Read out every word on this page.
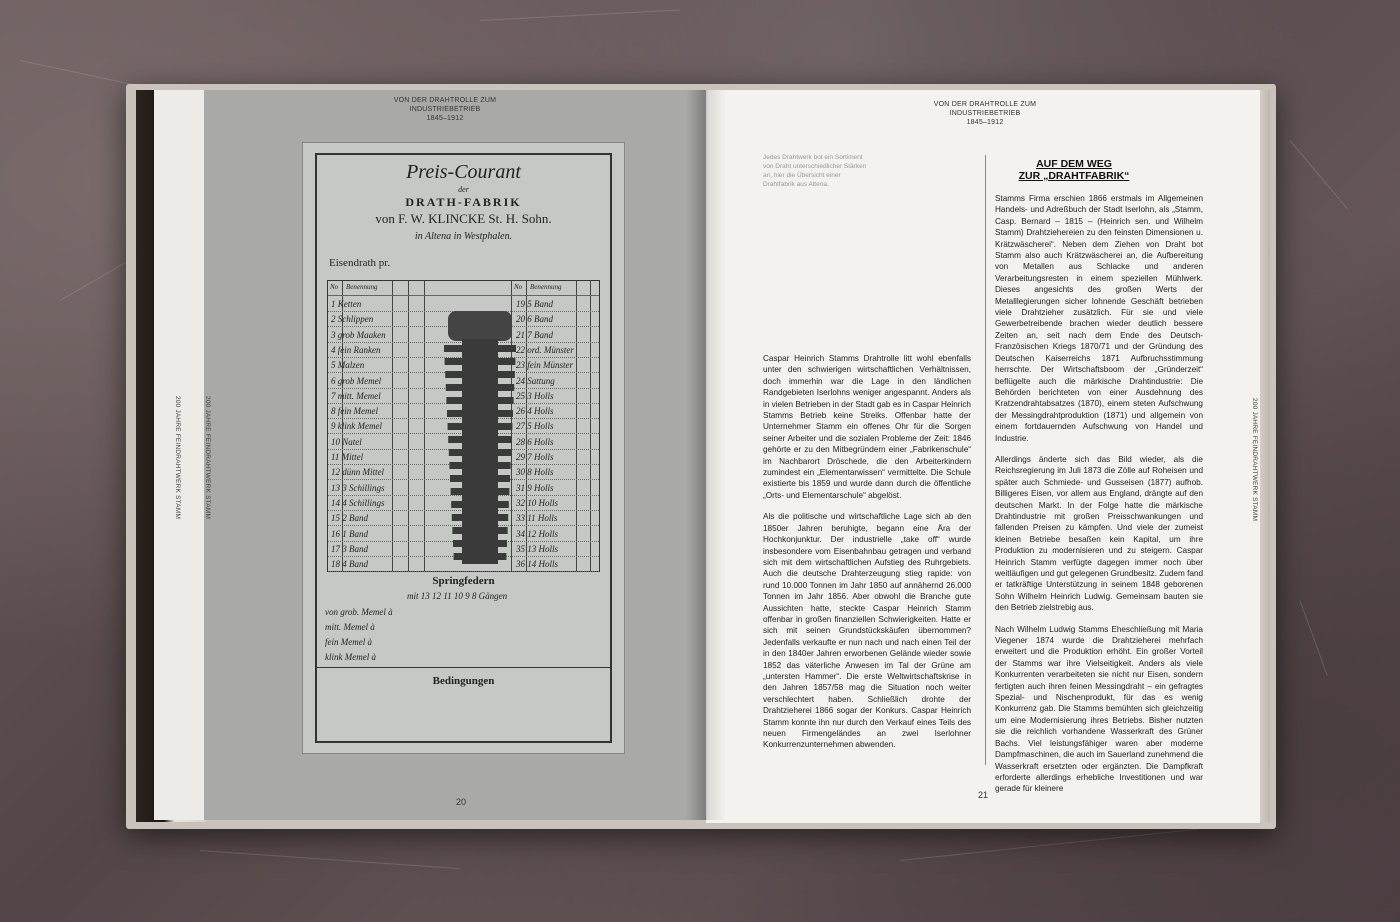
VON DER DRAHTROLLE ZUM INDUSTRIEBETRIEB
1845–1912
200 JAHRE FEINDRAHTWERK STAMM	200 JAHRE FEINDRAHTWERK STAMM
20
Preis-Courant
der
DRATH-FABRIK
von F. W. KLINCKE St. H. Sohn.
in Altena in Westphalen.
Eisendrath pr.
No Benennung	No Benennung
1 Ketten
2 Schlippen
3 grob Maaken
4 fein Ranken
5 Malzen
6 grob Memel
7 mitt. Memel
8 fein Memel
9 klink Memel
10 Natel
11 Mittel
12 dünn Mittel
13 3 Schillings
14 4 Schillings
15 2 Band
16 1 Band
17 3 Band
18 4 Band
19 5 Band
20 6 Band
21 7 Band
22 ord. Münster
23 fein Münster
24 Sattung
25 3 Holls
26 4 Holls
27 5 Holls
28 6 Holls
29 7 Holls
30 8 Holls
31 9 Holls
32 10 Holls
33 11 Holls
34 12 Holls
35 13 Holls
36 14 Holls
Springfedern
mit 13 12 11 10 9 8 Gängen
von grob. Memel à
mitt. Memel à
fein Memel à
klink Memel à
Bedingungen
VON DER DRAHTROLLE ZUM INDUSTRIEBETRIEB
1845–1912
21
200 JAHRE FEINDRAHTWERK STAMM
Jedes Drahtwerk bot ein Sortiment von Draht unterschiedlicher Stärken an, hier die Übersicht einer Drahtfabrik aus Altena.

Caspar Heinrich Stamms Drahtrolle litt wohl ebenfalls unter den schwierigen wirtschaftlichen Verhältnissen, doch immerhin war die Lage in den ländlichen Randgebieten Iserlohns weniger angespannt. Anders als in vielen Betrieben in der Stadt gab es in Caspar Heinrich Stamms Betrieb keine Streiks. Offenbar hatte der Unternehmer Stamm ein offenes Ohr für die Sorgen seiner Arbeiter und die sozialen Probleme der Zeit: 1846 gehörte er zu den Mitbegründern einer „Fabrikenschule“ im Nachbarort Dröschede, die den Arbeiterkindern zumindest ein „Elementarwissen“ vermittelte. Die Schule existierte bis 1859 und wurde dann durch die öffentliche „Orts- und Elementarschule“ abgelöst.

Als die politische und wirtschaftliche Lage sich ab den 1850er Jahren beruhigte, begann eine Ära der Hochkonjunktur. Der industrielle „take off“ wurde insbesondere vom Eisenbahnbau getragen und verband sich mit dem wirtschaftlichen Aufstieg des Ruhrgebiets. Auch die deutsche Drahterzeugung stieg rapide: von rund 10.000 Tonnen im Jahr 1850 auf annähernd 26.000 Tonnen im Jahr 1856. Aber obwohl die Branche gute Aussichten hatte, steckte Caspar Heinrich Stamm offenbar in großen finanziellen Schwierigkeiten. Hatte er sich mit seinen Grundstückskäufen übernommen? Jedenfalls verkaufte er nun nach und nach einen Teil der in den 1840er Jahren erworbenen Gelände wieder sowie 1852 das väterliche Anwesen im Tal der Grüne am „untersten Hammer“. Die erste Weltwirtschaftskrise in den Jahren 1857/58 mag die Situation noch weiter verschlechtert haben. Schließlich drohte der Drahtzieherei 1866 sogar der Konkurs. Caspar Heinrich Stamm konnte ihn nur durch den Verkauf eines Teils des neuen Firmengeländes an zwei Iserlohner Konkurrenzunternehmen abwenden.

AUF DEM WEG
ZUR „DRAHTFABRIK“

Stamms Firma erschien 1866 erstmals im Allgemeinen Handels- und Adreßbuch der Stadt Iserlohn, als „Stamm, Casp. Bernard – 1815 – (Heinrich sen. und Wilhelm Stamm) Drahtziehereien zu den feinsten Dimensionen u. Krätzwäscherei“. Neben dem Ziehen von Draht bot Stamm also auch Krätzwäscherei an, die Aufbereitung von Metallen aus Schlacke und anderen Verarbeitungsresten in einem speziellen Mühlwerk. Dieses angesichts des großen Werts der Metalllegierungen sicher lohnende Geschäft betrieben viele Drahtzieher zusätzlich. Für sie und viele Gewerbetreibende brachen wieder deutlich bessere Zeiten an, seit nach dem Ende des Deutsch-Französischen Kriegs 1870/71 und der Gründung des Deutschen Kaiserreichs 1871 Aufbruchsstimmung herrschte. Der Wirtschaftsboom der „Gründerzeit“ beflügelte auch die märkische Drahtindustrie: Die Behörden berichteten von einer Ausdehnung des Kratzendrahtabsatzes (1870), einem steten Aufschwung der Messingdrahtproduktion (1871) und allgemein von einem fortdauernden Aufschwung von Handel und Industrie.

Allerdings änderte sich das Bild wieder, als die Reichsregierung im Juli 1873 die Zölle auf Roheisen und später auch Schmiede- und Gusseisen (1877) aufhob. Billigeres Eisen, vor allem aus England, drängte auf den deutschen Markt. In der Folge hatte die märkische Drahtindustrie mit großen Preisschwankungen und fallenden Preisen zu kämpfen. Und viele der zumeist kleinen Betriebe besaßen kein Kapital, um ihre Produktion zu modernisieren und zu steigern. Caspar Heinrich Stamm verfügte dagegen immer noch über weitläufigen und gut gelegenen Grundbesitz. Zudem fand er tatkräftige Unterstützung in seinem 1848 geborenen Sohn Wilhelm Heinrich Ludwig. Gemeinsam bauten sie den Betrieb zielstrebig aus.

Nach Wilhelm Ludwig Stamms Eheschließung mit Maria Viegener 1874 wurde die Drahtzieherei mehrfach erweitert und die Produktion erhöht. Ein großer Vorteil der Stamms war ihre Vielseitigkeit. Anders als viele Konkurrenten verarbeiteten sie nicht nur Eisen, sondern fertigten auch ihren feinen Messingdraht – ein gefragtes Spezial- und Nischenprodukt, für das es wenig Konkurrenz gab. Die Stamms bemühten sich gleichzeitig um eine Modernisierung ihres Betriebs. Bisher nutzten sie die reichlich vorhandene Wasserkraft des Grüner Bachs. Viel leistungsfähiger waren aber moderne Dampfmaschinen, die auch im Sauerland zunehmend die Wasserkraft ersetzten oder ergänzten. Die Dampfkraft erforderte allerdings erhebliche Investitionen und war gerade für kleinere
